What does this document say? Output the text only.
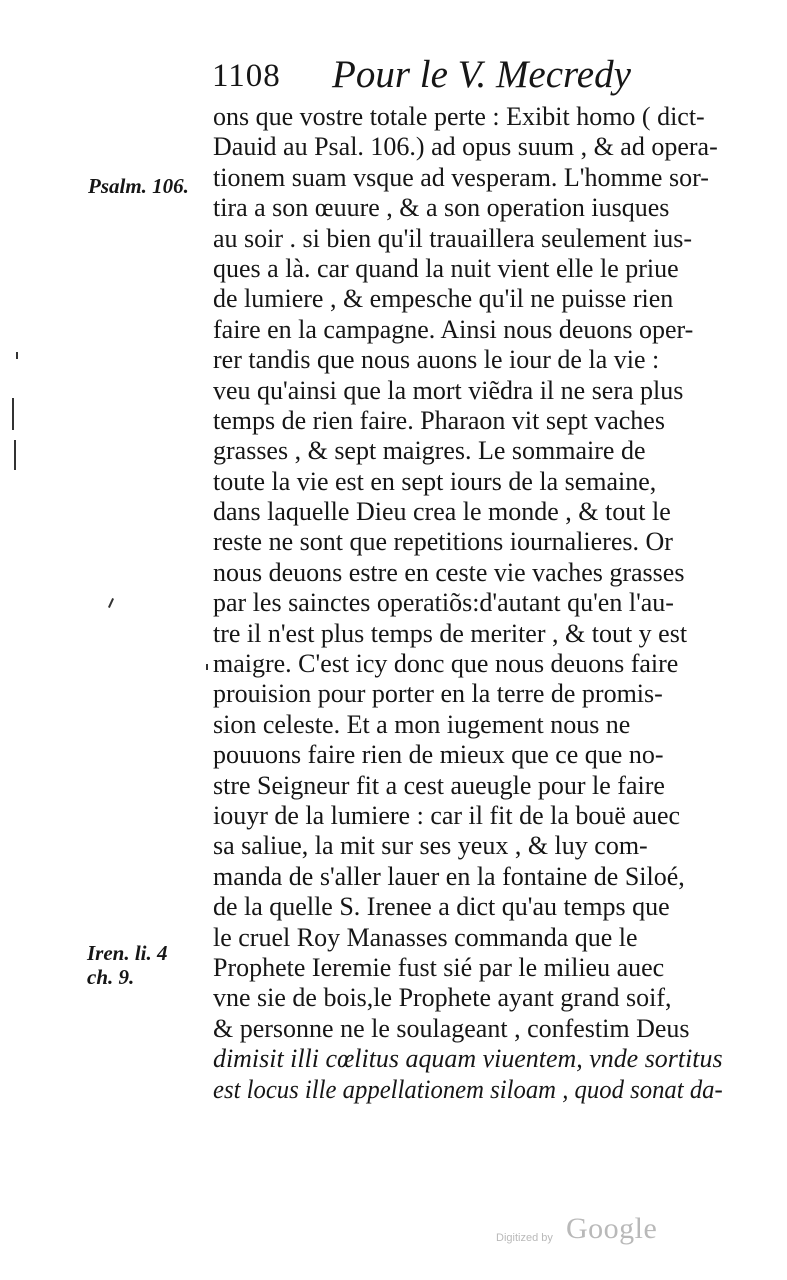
1108 Pour le V. Mecredy
Psalm. 106.
Iren. li. 4
ch. 9.
ons que vostre totale perte : Exibit homo ( dict-
Dauid au Psal. 106.) ad opus suum , & ad opera-
tionem suam vsque ad vesperam. L'homme sor-
tira a son œuure , & a son operation iusques
au soir . si bien qu'il trauaillera seulement ius-
ques a là. car quand la nuit vient elle le priue
de lumiere , & empesche qu'il ne puisse rien
faire en la campagne. Ainsi nous deuons oper-
rer tandis que nous auons le iour de la vie :
veu qu'ainsi que la mort viẽdra il ne sera plus
temps de rien faire. Pharaon vit sept vaches
grasses , & sept maigres. Le sommaire de
toute la vie est en sept iours de la semaine,
dans laquelle Dieu crea le monde , & tout le
reste ne sont que repetitions iournalieres. Or
nous deuons estre en ceste vie vaches grasses
par les sainctes operatiõs:d'autant qu'en l'au-
tre il n'est plus temps de meriter , & tout y est
maigre. C'est icy donc que nous deuons faire
prouision pour porter en la terre de promis-
sion celeste. Et a mon iugement nous ne
pouuons faire rien de mieux que ce que no-
stre Seigneur fit a cest aueugle pour le faire
iouyr de la lumiere : car il fit de la bouë auec
sa saliue, la mit sur ses yeux , & luy com-
manda de s'aller lauer en la fontaine de Siloé,
de la quelle S. Irenee a dict qu'au temps que
le cruel Roy Manasses commanda que le
Prophete Ieremie fust sié par le milieu auec
vne sie de bois,le Prophete ayant grand soif,
& personne ne le soulageant , confestim Deus
dimisit illi cœlitus aquam viuentem, vnde sortitus
est locus ille appellationem siloam , quod sonat da-
Digitized by Google
